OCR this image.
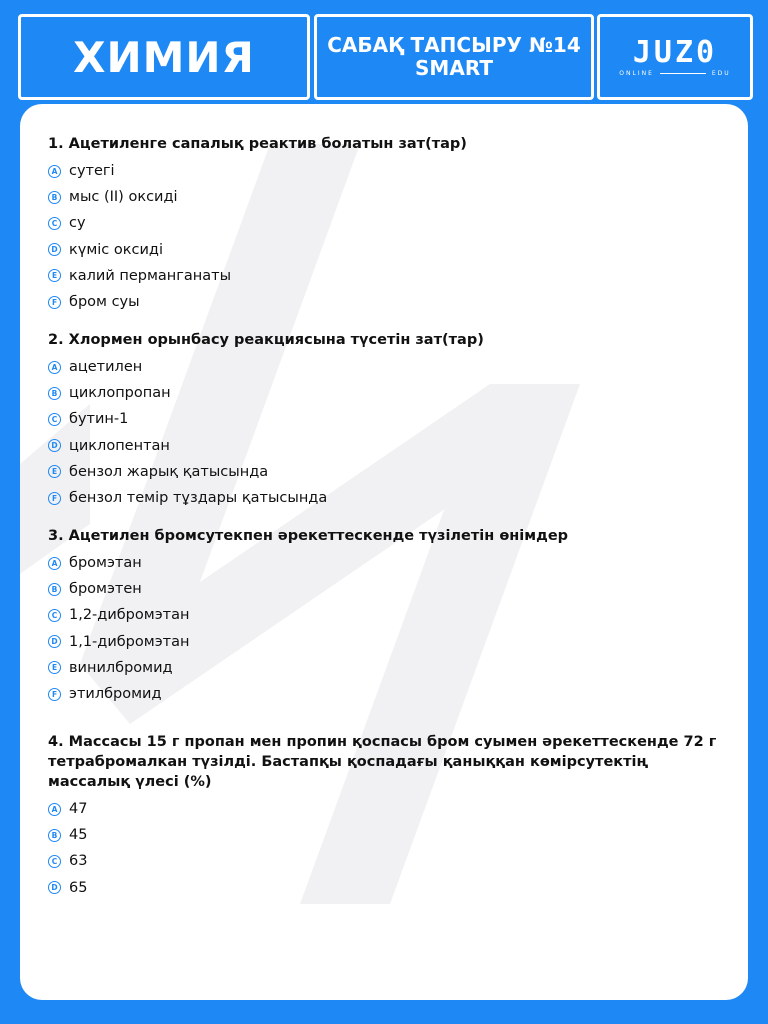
ХИМИЯ	САБАҚ ТАПСЫРУ №14
SMART	JUZ0
ONLINE	EDU
1. Ацетиленге сапалық реактив болатын зат(тар)
A сутегі
B мыс (II) оксиді
C су
D күміс оксиді
E калий перманганаты
F бром суы
2. Хлормен орынбасу реакциясына түсетін зат(тар)
A ацетилен
B циклопропан
C бутин-1
D циклопентан
E бензол жарық қатысында
F бензол темір тұздары қатысында
3. Ацетилен бромсутекпен әрекеттескенде түзілетін өнімдер
A бромэтан
B бромэтен
C 1,2-дибромэтан
D 1,1-дибромэтан
E винилбромид
F этилбромид
4. Массасы 15 г пропан мен пропин қоспасы бром суымен әрекеттескенде 72 г тетрабромалкан түзілді. Бастапқы қоспадағы қаныққан көмірсутектің массалық үлесі (%)
A 47
B 45
C 63
D 65
